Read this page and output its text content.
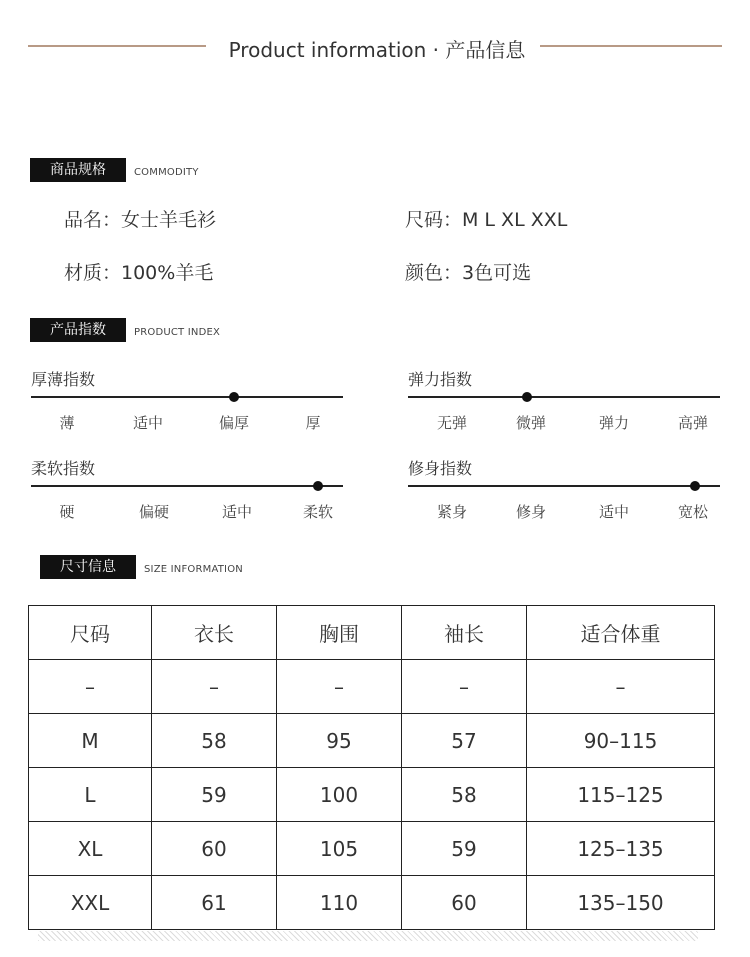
Product information · 产品信息
商品规格	COMMODITY
品名：女士羊毛衫	尺码：M L XL XXL
材质：100%羊毛	颜色：3色可选
产品指数	PRODUCT INDEX
厚薄指数
薄	适中	偏厚	厚
弹力指数
无弹	微弹	弹力	高弹
柔软指数
硬	偏硬	适中	柔软
修身指数
紧身	修身	适中	宽松
尺寸信息	SIZE INFORMATION
尺码	衣长	胸围	袖长	适合体重
–	–	–	–	–
M	58	95	57	90–115
L	59	100	58	115–125
XL	60	105	59	125–135
XXL	61	110	60	135–150
